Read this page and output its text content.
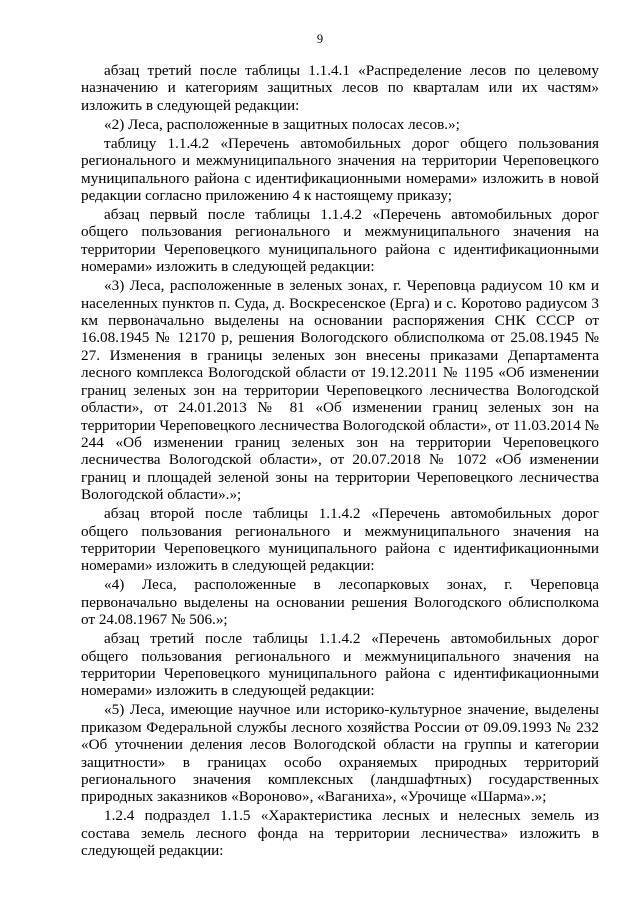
9

абзац третий после таблицы 1.1.4.1 «Распределение лесов по целевому назначению и категориям защитных лесов по кварталам или их частям» изложить в следующей редакции:

«2) Леса, расположенные в защитных полосах лесов.»;

таблицу 1.1.4.2 «Перечень автомобильных дорог общего пользования регионального и межмуниципального значения на территории Череповецкого муниципального района с идентификационными номерами» изложить в новой редакции согласно приложению 4 к настоящему приказу;

абзац первый после таблицы 1.1.4.2 «Перечень автомобильных дорог общего пользования регионального и межмуниципального значения на территории Череповецкого муниципального района с идентификационными номерами» изложить в следующей редакции:

«3) Леса, расположенные в зеленых зонах, г. Череповца радиусом 10 км и населенных пунктов п. Суда, д. Воскресенское (Ерга) и с. Коротово радиусом 3 км первоначально выделены на основании распоряжения СНК СССР от 16.08.1945 № 12170 р, решения Вологодского облисполкома от 25.08.1945 № 27. Изменения в границы зеленых зон внесены приказами Департамента лесного комплекса Вологодской области от 19.12.2011 № 1195 «Об изменении границ зеленых зон на территории Череповецкого лесничества Вологодской области», от 24.01.2013 № 81 «Об изменении границ зеленых зон на территории Череповецкого лесничества Вологодской области», от 11.03.2014 № 244 «Об изменении границ зеленых зон на территории Череповецкого лесничества Вологодской области», от 20.07.2018 № 1072 «Об изменении границ и площадей зеленой зоны на территории Череповецкого лесничества Вологодской области».»;

абзац второй после таблицы 1.1.4.2 «Перечень автомобильных дорог общего пользования регионального и межмуниципального значения на территории Череповецкого муниципального района с идентификационными номерами» изложить в следующей редакции:

«4) Леса, расположенные в лесопарковых зонах, г. Череповца первоначально выделены на основании решения Вологодского облисполкома от 24.08.1967 № 506.»;

абзац третий после таблицы 1.1.4.2 «Перечень автомобильных дорог общего пользования регионального и межмуниципального значения на территории Череповецкого муниципального района с идентификационными номерами» изложить в следующей редакции:

«5) Леса, имеющие научное или историко-культурное значение, выделены приказом Федеральной службы лесного хозяйства России от 09.09.1993 № 232 «Об уточнении деления лесов Вологодской области на группы и категории защитности» в границах особо охраняемых природных территорий регионального значения комплексных (ландшафтных) государственных природных заказников «Вороново», «Ваганиха», «Урочище «Шарма».»;

1.2.4 подраздел 1.1.5 «Характеристика лесных и нелесных земель из состава земель лесного фонда на территории лесничества» изложить в следующей редакции:
